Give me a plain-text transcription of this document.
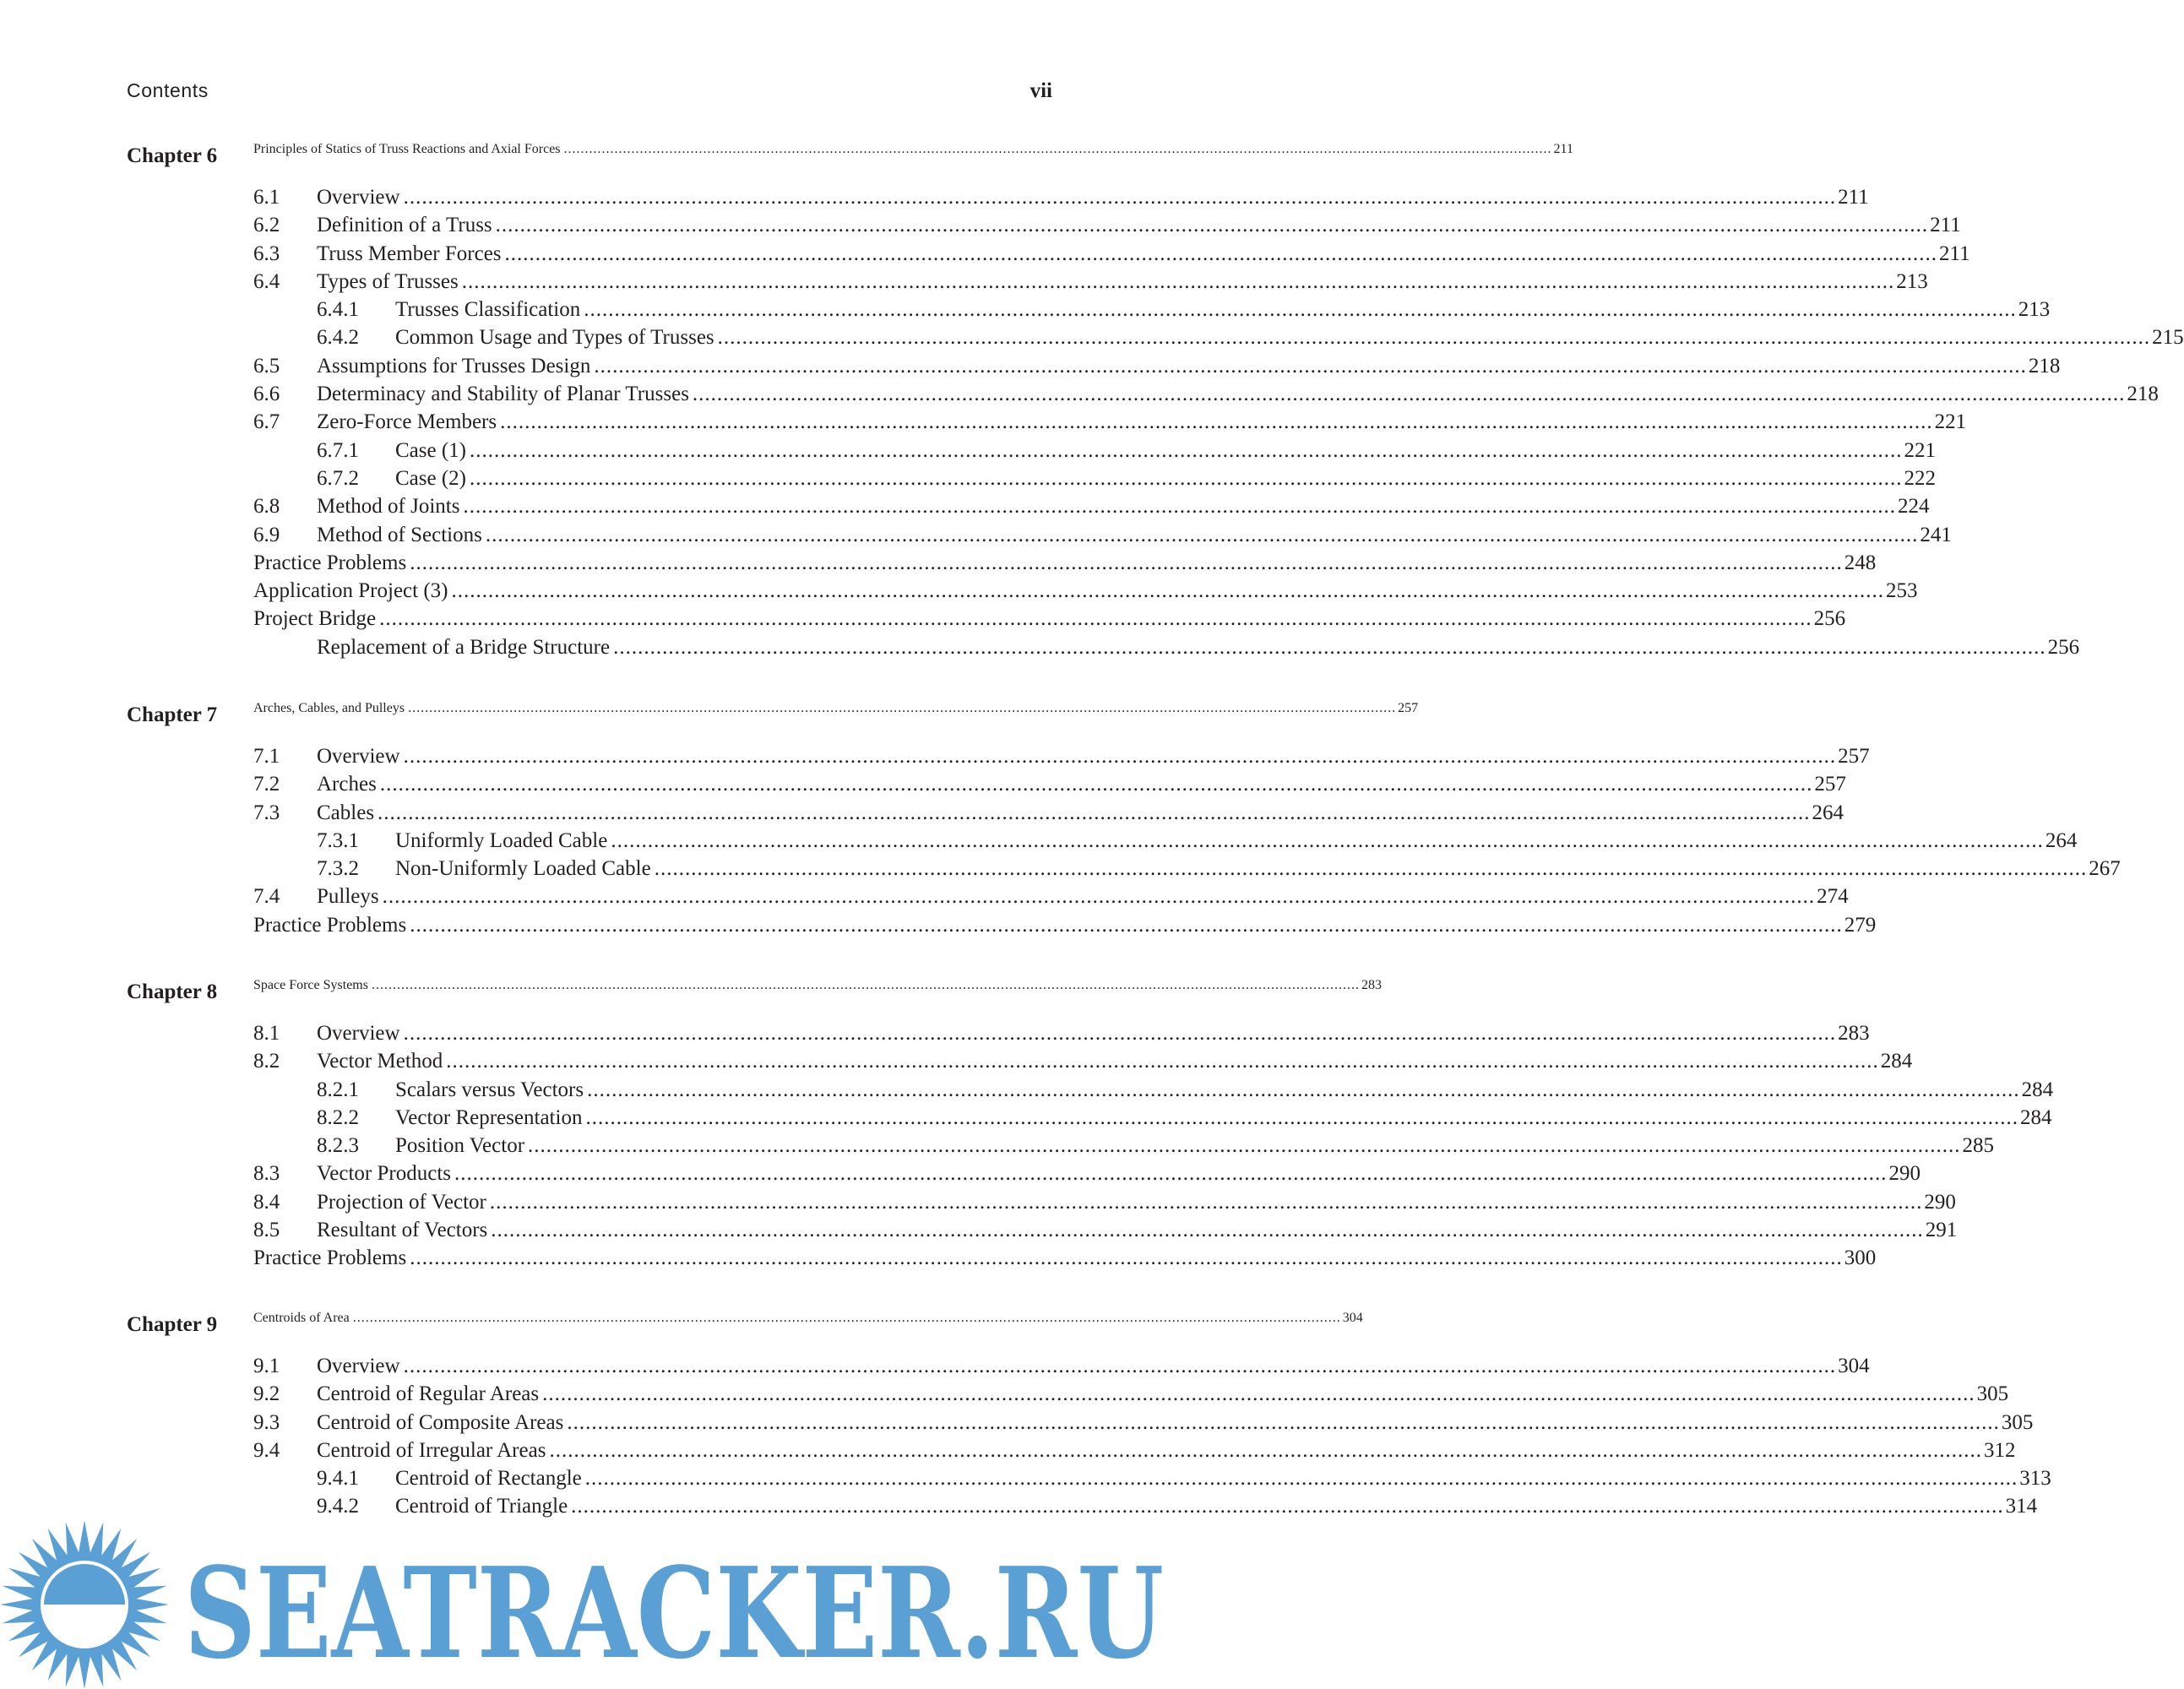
Contents	vii
Chapter 6	Principles of Statics of Truss Reactions and Axial Forces .....	211
6.1 Overview .....	211
6.2 Definition of a Truss .....	211
6.3 Truss Member Forces .....	211
6.4 Types of Trusses .....	213
6.4.1 Trusses Classification .....	213
6.4.2 Common Usage and Types of Trusses .....	215
6.5 Assumptions for Trusses Design .....	218
6.6 Determinacy and Stability of Planar Trusses .....	218
6.7 Zero-Force Members .....	221
6.7.1 Case (1) .....	221
6.7.2 Case (2) .....	222
6.8 Method of Joints .....	224
6.9 Method of Sections .....	241
Practice Problems .....	248
Application Project (3) .....	253
Project Bridge .....	256
Replacement of a Bridge Structure .....	256
Chapter 7	Arches, Cables, and Pulleys .....	257
7.1 Overview .....	257
7.2 Arches .....	257
7.3 Cables .....	264
7.3.1 Uniformly Loaded Cable .....	264
7.3.2 Non-Uniformly Loaded Cable .....	267
7.4 Pulleys .....	274
Practice Problems .....	279
Chapter 8	Space Force Systems .....	283
8.1 Overview .....	283
8.2 Vector Method .....	284
8.2.1 Scalars versus Vectors .....	284
8.2.2 Vector Representation .....	284
8.2.3 Position Vector .....	285
8.3 Vector Products .....	290
8.4 Projection of Vector .....	290
8.5 Resultant of Vectors .....	291
Practice Problems .....	300
Chapter 9	Centroids of Area .....	304
9.1 Overview .....	304
9.2 Centroid of Regular Areas .....	305
9.3 Centroid of Composite Areas .....	305
9.4 Centroid of Irregular Areas .....	312
9.4.1 Centroid of Rectangle .....	313
9.4.2 Centroid of Triangle .....	314
SEATRACKER.RU
